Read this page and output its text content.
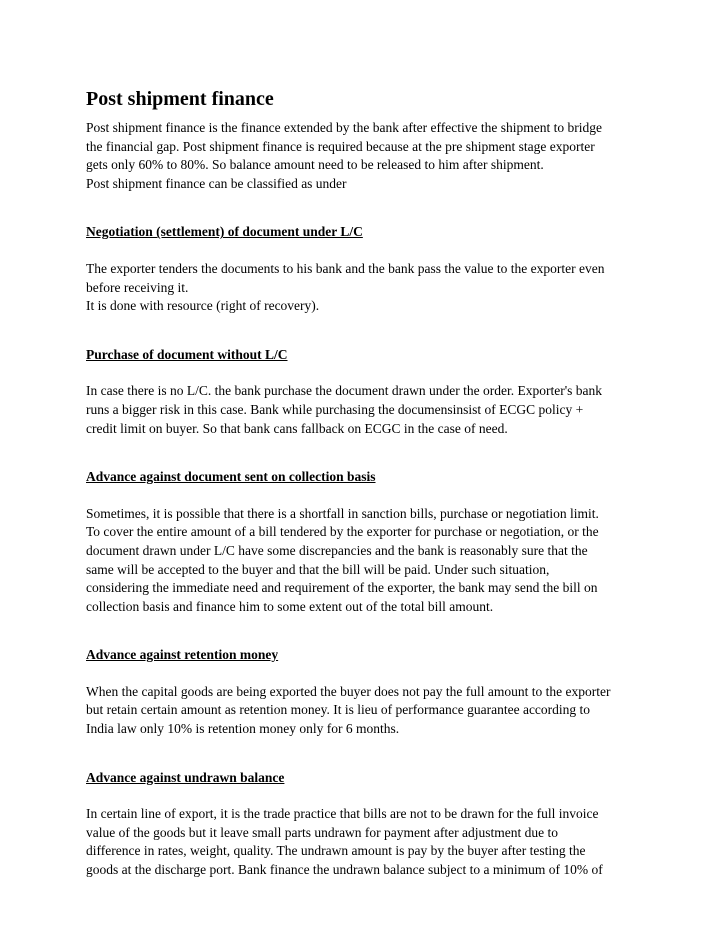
Post shipment finance

Post shipment finance is the finance extended by the bank after effective the shipment to bridge
the financial gap. Post shipment finance is required because at the pre shipment stage exporter
gets only 60% to 80%. So balance amount need to be released to him after shipment.
Post shipment finance can be classified as under

Negotiation (settlement) of document under L/C

The exporter tenders the documents to his bank and the bank pass the value to the exporter even
before receiving it.
It is done with resource (right of recovery).

Purchase of document without L/C

In case there is no L/C. the bank purchase the document drawn under the order. Exporter's bank
runs a bigger risk in this case. Bank while purchasing the documensinsist of ECGC policy +
credit limit on buyer. So that bank cans fallback on ECGC in the case of need.

Advance against document sent on collection basis

Sometimes, it is possible that there is a shortfall in sanction bills, purchase or negotiation limit.
To cover the entire amount of a bill tendered by the exporter for purchase or negotiation, or the
document drawn under L/C have some discrepancies and the bank is reasonably sure that the
same will be accepted to the buyer and that the bill will be paid. Under such situation,
considering the immediate need and requirement of the exporter, the bank may send the bill on
collection basis and finance him to some extent out of the total bill amount.

Advance against retention money

When the capital goods are being exported the buyer does not pay the full amount to the exporter
but retain certain amount as retention money. It is lieu of performance guarantee according to
India law only 10% is retention money only for 6 months.

Advance against undrawn balance

In certain line of export, it is the trade practice that bills are not to be drawn for the full invoice
value of the goods but it leave small parts undrawn for payment after adjustment due to
difference in rates, weight, quality. The undrawn amount is pay by the buyer after testing the
goods at the discharge port. Bank finance the undrawn balance subject to a minimum of 10% of
